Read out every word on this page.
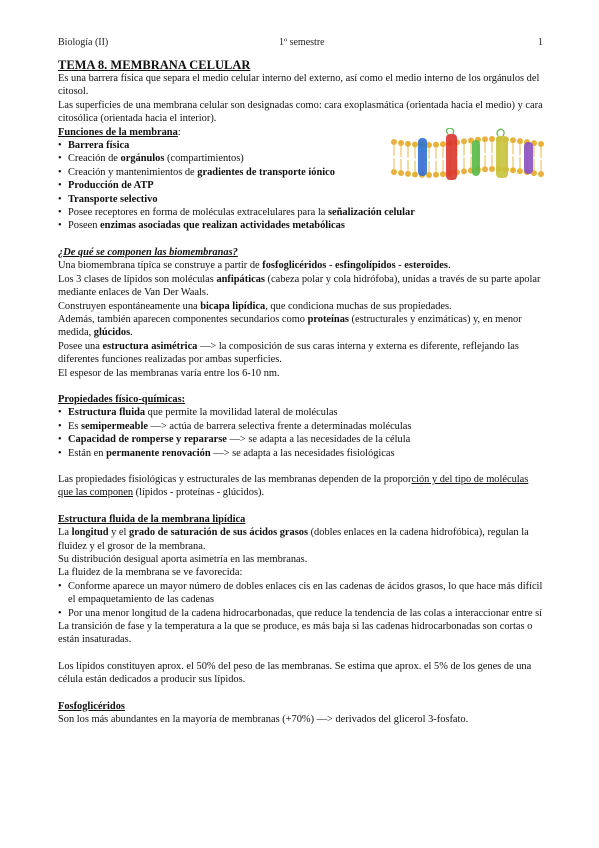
Biología (II)	1º semestre	1

TEMA 8. MEMBRANA CELULAR

Es una barrera física que separa el medio celular interno del externo, así como el medio interno de los orgánulos del citosol.

Las superficies de una membrana celular son designadas como: cara exoplasmática (orientada hacia el medio) y cara citosólica (orientada hacia el interior).

Funciones de la membrana:

• Barrera física
• Creación de orgánulos (compartimientos)
• Creación y mantenimientos de gradientes de transporte iónico
• Producción de ATP
• Transporte selectivo
• Posee receptores en forma de moléculas extracelulares para la señalización celular
• Poseen enzimas asociadas que realizan actividades metabólicas

¿De qué se componen las biomembranas?

Una biomembrana típica se construye a partir de fosfoglicéridos - esfingolípidos - esteroides.

Los 3 clases de lípidos son moléculas anfipáticas (cabeza polar y cola hidrófoba), unidas a través de su parte apolar mediante enlaces de Van Der Waals.

Construyen espontáneamente una bicapa lipídica, que condiciona muchas de sus propiedades.

Además, también aparecen componentes secundarios como proteínas (estructurales y enzimáticas) y, en menor medida, glúcidos.

Posee una estructura asimétrica —> la composición de sus caras interna y externa es diferente, reflejando las diferentes funciones realizadas por ambas superficies.

El espesor de las membranas varía entre los 6-10 nm.

Propiedades físico-químicas:

• Estructura fluida que permite la movilidad lateral de moléculas
• Es semipermeable —> actúa de barrera selectiva frente a determinadas moléculas
• Capacidad de romperse y repararse —> se adapta a las necesidades de la célula
• Están en permanente renovación —> se adapta a las necesidades fisiológicas

Las propiedades fisiológicas y estructurales de las membranas dependen de la proporción y del tipo de moléculas que las componen (lípidos - proteínas - glúcidos).

Estructura fluida de la membrana lipídica

La longitud y el grado de saturación de sus ácidos grasos (dobles enlaces en la cadena hidrofóbica), regulan la fluidez y el grosor de la membrana.

Su distribución desigual aporta asimetría en las membranas.

La fluidez de la membrana se ve favorecida:

• Conforme aparece un mayor número de dobles enlaces cis en las cadenas de ácidos grasos, lo que hace más difícil el empaquetamiento de las cadenas
• Por una menor longitud de la cadena hidrocarbonadas, que reduce la tendencia de las colas a interaccionar entre sí

La transición de fase y la temperatura a la que se produce, es más baja si las cadenas hidrocarbonadas son cortas o están insaturadas.

Los lípidos constituyen aprox. el 50% del peso de las membranas. Se estima que aprox. el 5% de los genes de una célula están dedicados a producir sus lípidos.

Fosfoglicéridos

Son los más abundantes en la mayoría de membranas (+70%) —> derivados del glicerol 3-fosfato.
